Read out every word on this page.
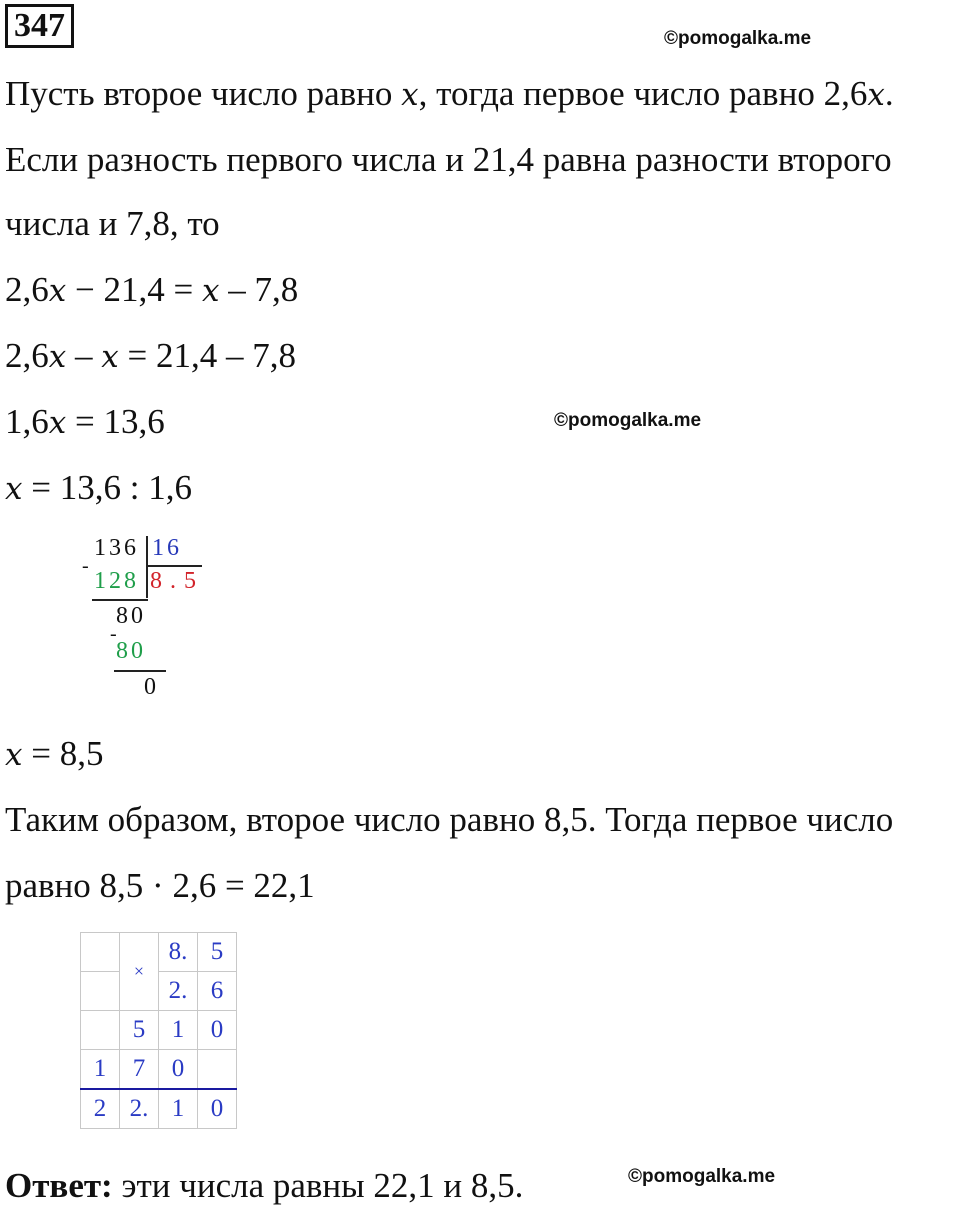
347	©pomogalka.me
Пусть второе число равно x, тогда первое число равно 2,6x.
Если разность первого числа и 21,4 равна разности второго
числа и 7,8, то
2,6x − 21,4 = x – 7,8
2,6x – x = 21,4 – 7,8
1,6x = 13,6	©pomogalka.me
x = 13,6 : 1,6
136 16
-
128 8 . 5
80
-
80
0
x = 8,5
Таким образом, второе число равно 8,5. Тогда первое число
равно 8,5 · 2,6 = 22,1
	×	8.	5
		2.	6
	5	1	0
1	7	0	
2	2.	1	0
Ответ: эти числа равны 22,1 и 8,5.	©pomogalka.me
